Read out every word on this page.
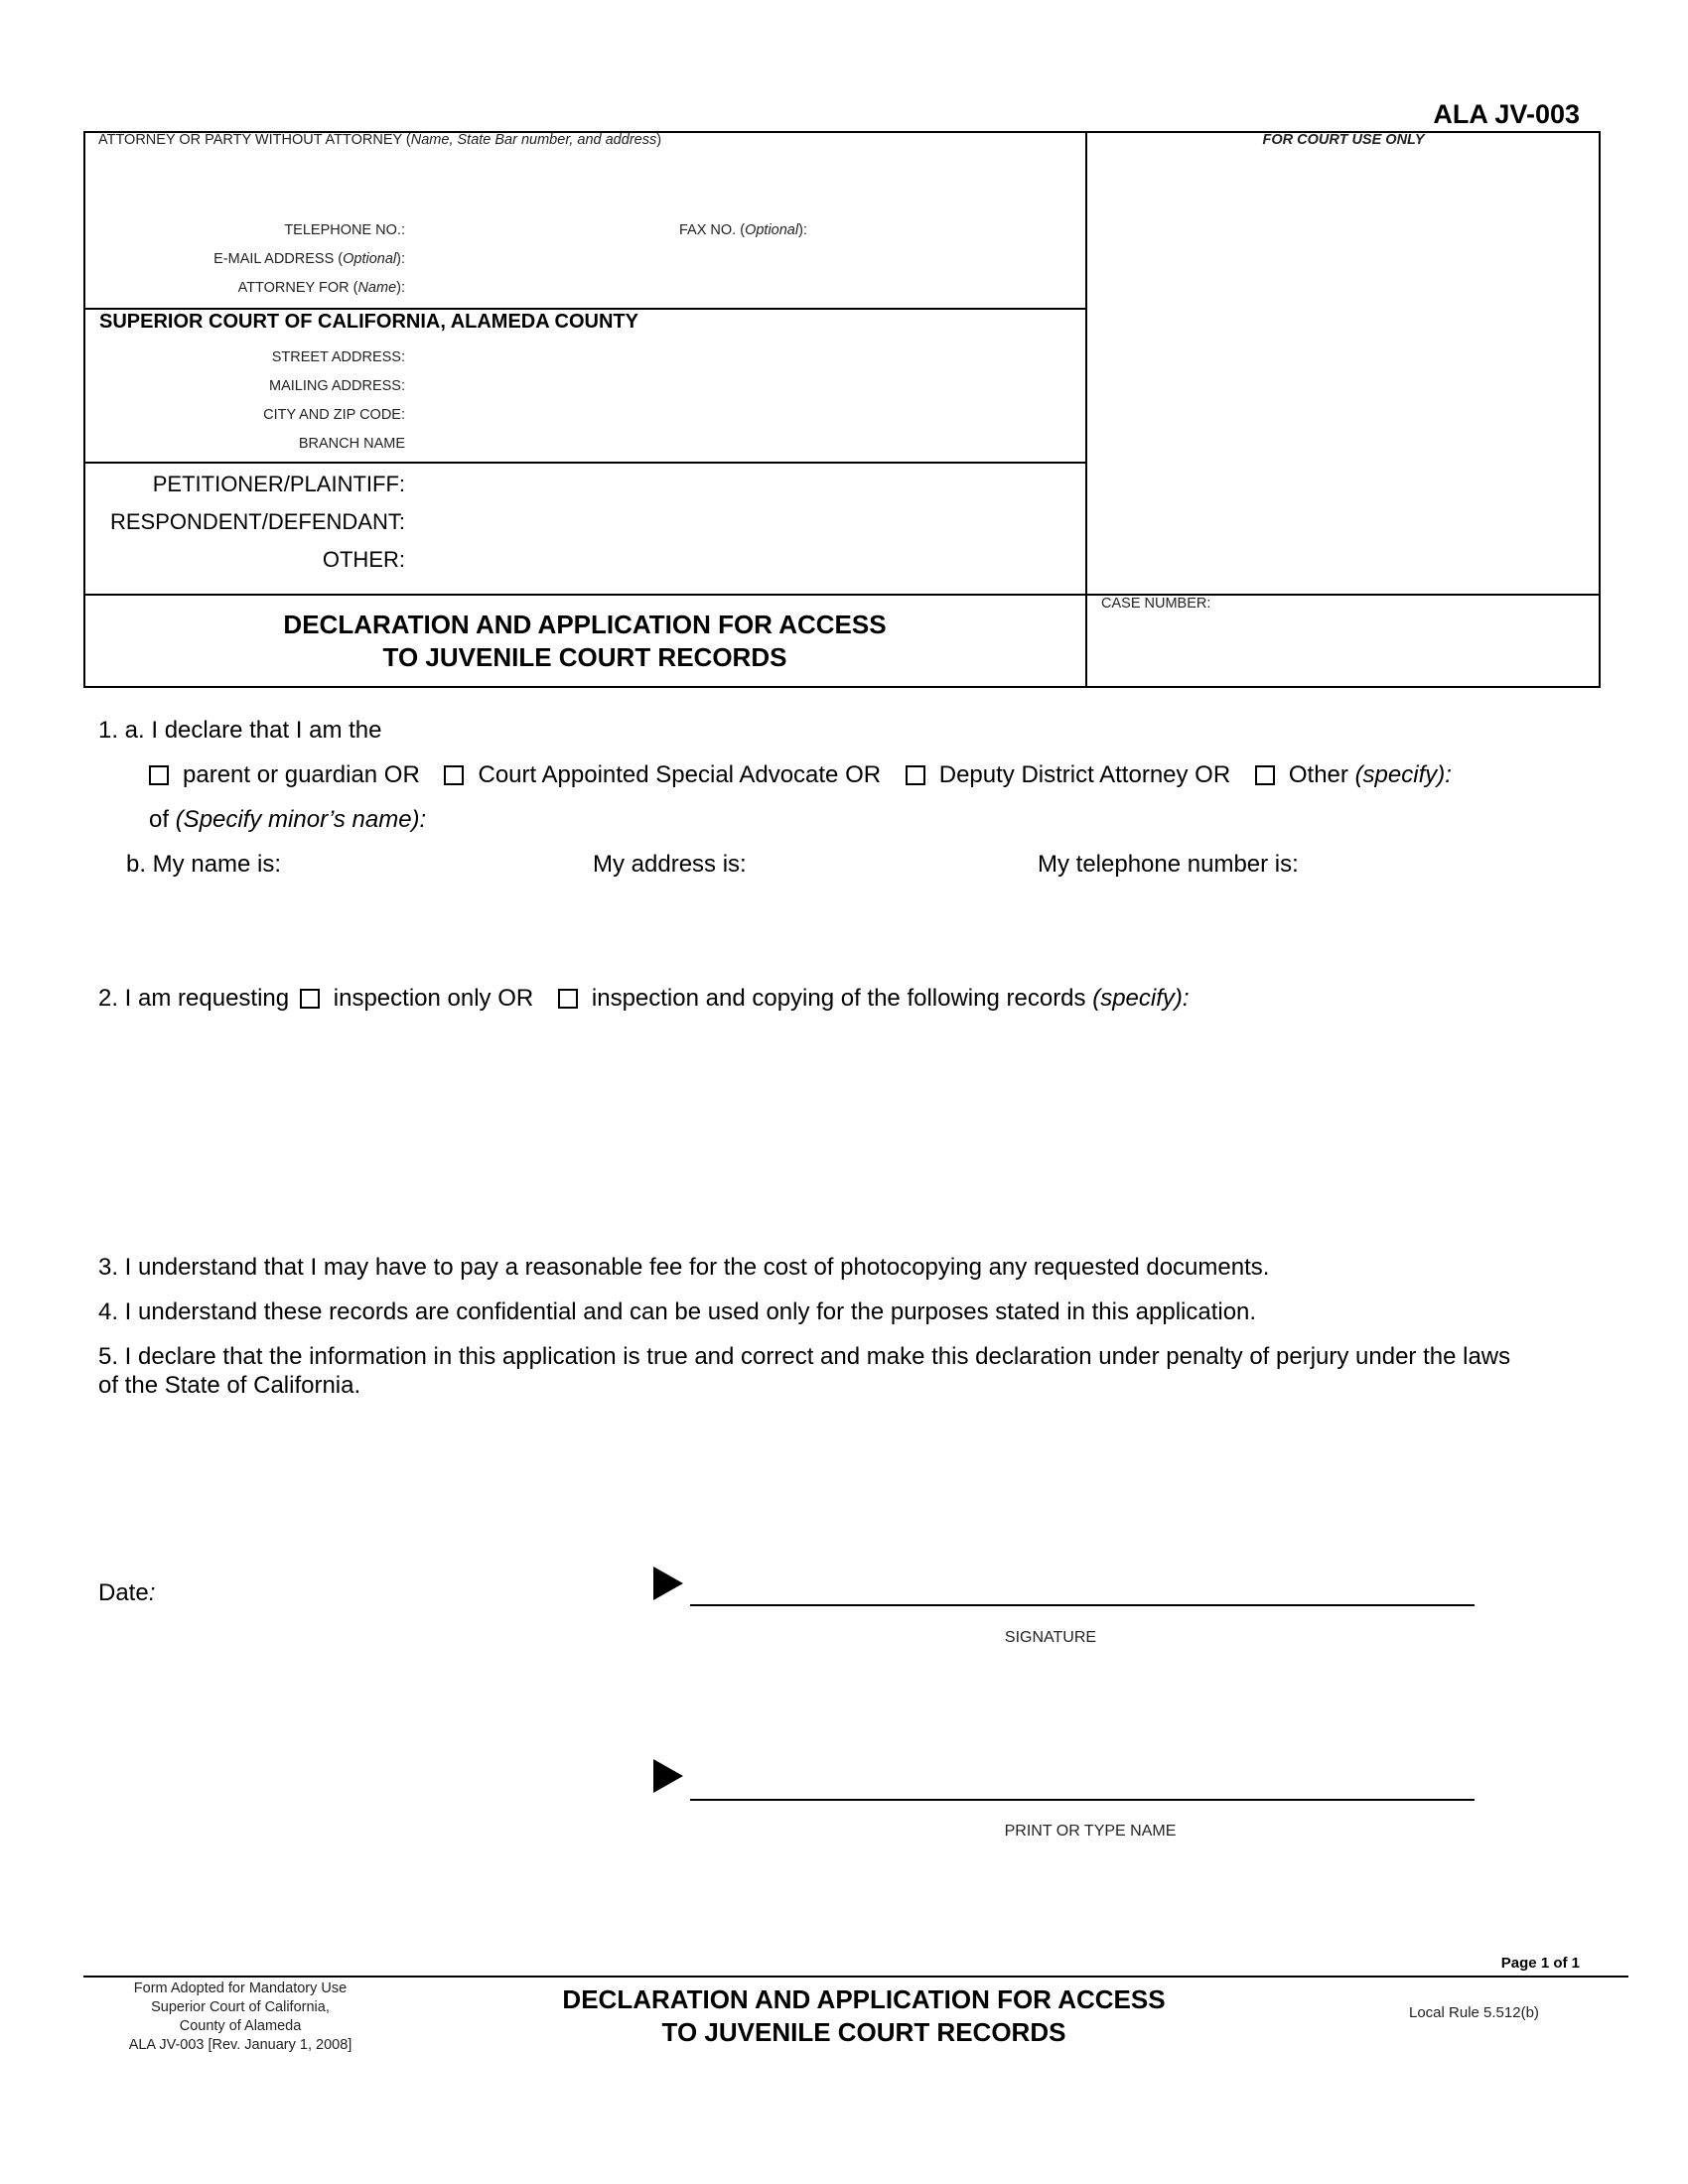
ALA JV-003
ATTORNEY OR PARTY WITHOUT ATTORNEY (Name, State Bar number, and address)	FOR COURT USE ONLY
TELEPHONE NO.:	FAX NO. (Optional):
E-MAIL ADDRESS (Optional):
ATTORNEY FOR (Name):
SUPERIOR COURT OF CALIFORNIA, ALAMEDA COUNTY
STREET ADDRESS:
MAILING ADDRESS:
CITY AND ZIP CODE:
BRANCH NAME
PETITIONER/PLAINTIFF:
RESPONDENT/DEFENDANT:
OTHER:
DECLARATION AND APPLICATION FOR ACCESS
TO JUVENILE COURT RECORDS
CASE NUMBER:
1. a. I declare that I am the
parent or guardian OR Court Appointed Special Advocate OR Deputy District Attorney OR Other (specify):
of (Specify minor’s name):
b. My name is:	My address is:	My telephone number is:
2. I am requesting inspection only OR inspection and copying of the following records (specify):
3. I understand that I may have to pay a reasonable fee for the cost of photocopying any requested documents.
4. I understand these records are confidential and can be used only for the purposes stated in this application.
5. I declare that the information in this application is true and correct and make this declaration under penalty of perjury under the laws
of the State of California.
Date:
SIGNATURE
PRINT OR TYPE NAME
Page 1 of 1
Form Adopted for Mandatory Use
Superior Court of California,
County of Alameda
ALA JV-003 [Rev. January 1, 2008]
DECLARATION AND APPLICATION FOR ACCESS
TO JUVENILE COURT RECORDS
Local Rule 5.512(b)
